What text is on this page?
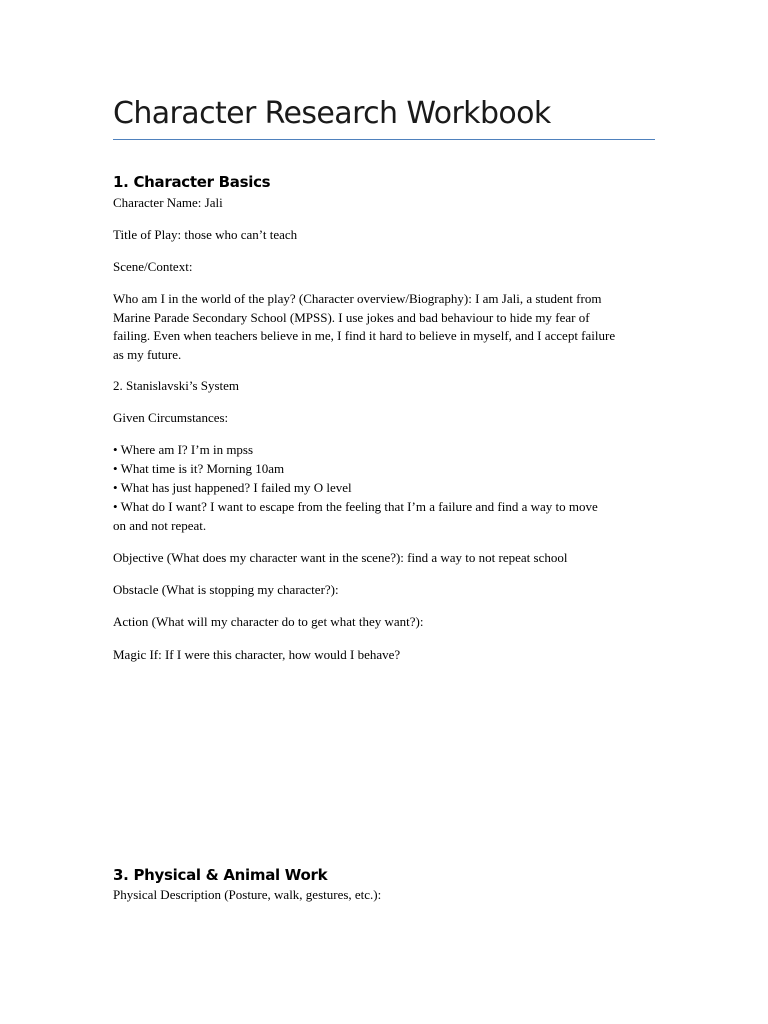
Character Research Workbook
1. Character Basics

Character Name: Jali

Title of Play: those who can’t teach

Scene/Context:

Who am I in the world of the play? (Character overview/Biography): I am Jali, a student from

Marine Parade Secondary School (MPSS). I use jokes and bad behaviour to hide my fear of

failing. Even when teachers believe in me, I find it hard to believe in myself, and I accept failure

as my future.

2. Stanislavski’s System

Given Circumstances:

• Where am I? I’m in mpss

• What time is it? Morning 10am

• What has just happened? I failed my O level

• What do I want? I want to escape from the feeling that I’m a failure and find a way to move

on and not repeat.

Objective (What does my character want in the scene?): find a way to not repeat school

Obstacle (What is stopping my character?):

Action (What will my character do to get what they want?):

Magic If: If I were this character, how would I behave?

3. Physical & Animal Work

Physical Description (Posture, walk, gestures, etc.):
